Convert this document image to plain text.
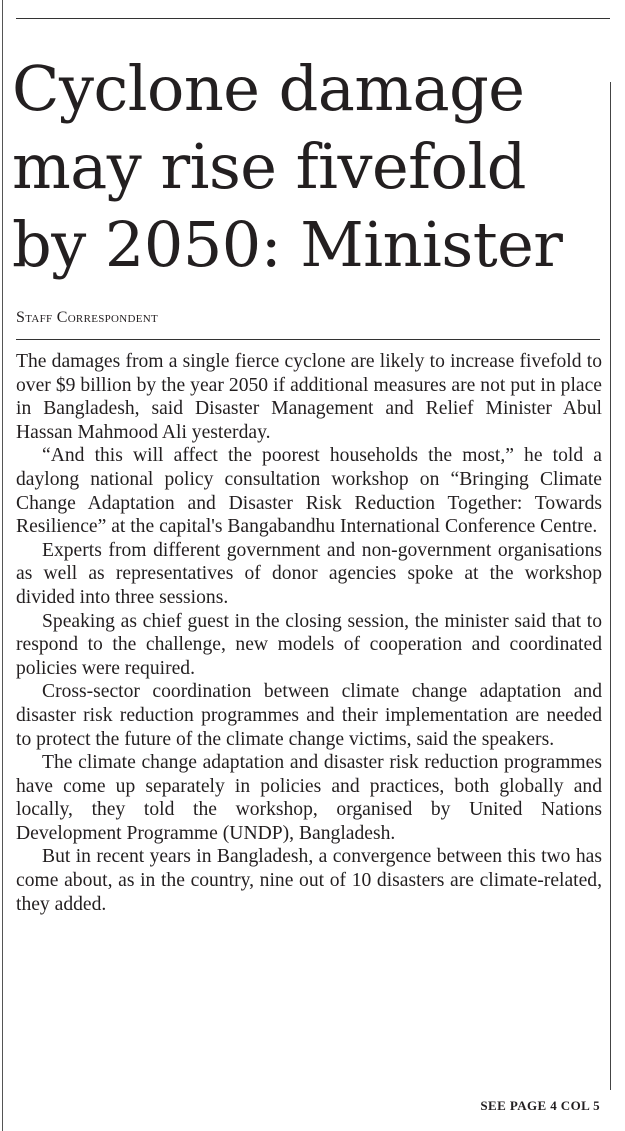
Cyclone damage
may rise fivefold
by 2050: Minister
Staff Correspondent

The damages from a single fierce cyclone are likely to increase fivefold to over $9 billion by the year 2050 if additional measures are not put in place in Bangladesh, said Disaster Management and Relief Minister Abul Hassan Mahmood Ali yesterday.

“And this will affect the poorest households the most,” he told a daylong national policy consultation workshop on “Bringing Climate Change Adaptation and Disaster Risk Reduction Together: Towards Resilience” at the capital's Bangabandhu International Conference Centre.

Experts from different government and non-government organisations as well as representatives of donor agencies spoke at the workshop divided into three sessions.

Speaking as chief guest in the closing session, the minister said that to respond to the challenge, new models of cooperation and coordinated policies were required.

Cross-sector coordination between climate change adaptation and disaster risk reduction programmes and their implementation are needed to protect the future of the climate change victims, said the speakers.

The climate change adaptation and disaster risk reduction programmes have come up separately in policies and practices, both globally and locally, they told the workshop, organised by United Nations Development Programme (UNDP), Bangladesh.

But in recent years in Bangladesh, a convergence between this two has come about, as in the country, nine out of 10 disasters are climate-related, they added.

SEE PAGE 4 COL 5
